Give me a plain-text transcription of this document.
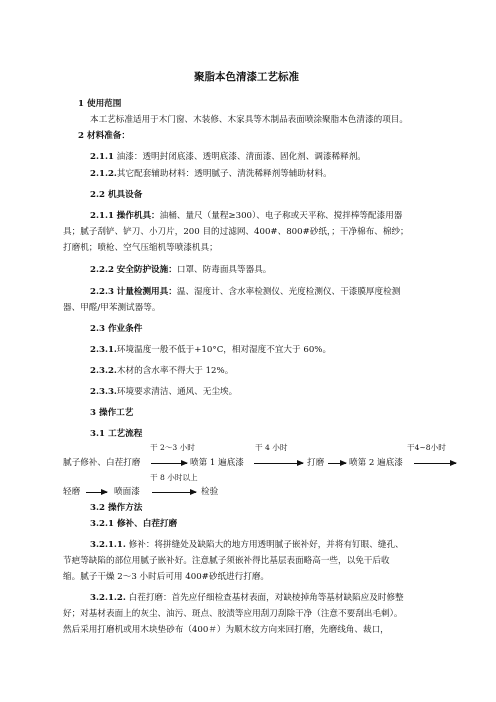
聚脂本色清漆工艺标准
1 使用范围
本工艺标准适用于木门窗、木装修、木家具等木制品表面喷涂聚脂本色清漆的项目。
2 材料准备：
2.1.1 油漆：透明封闭底漆、透明底漆、清面漆、固化剂、调漆稀释剂。
2.1.2.其它配套辅助材料：透明腻子、清洗稀释剂等辅助材料。
2.2 机具设备
2.1.1 操作机具：油桶、量尺（量程≥300）、电子称或天平称、搅拌棒等配漆用器
具；腻子刮铲、铲刀、小刀片，200 目的过滤网、400#、800#砂纸，；干净棉布、棉纱；
打磨机；喷枪、空气压缩机等喷漆机具；
2.2.2 安全防护设施：口罩、防毒面具等器具。
2.2.3 计量检测用具：温、湿度计、含水率检测仪、光度检测仪、干漆膜厚度检测
器、甲醛/甲苯测试器等。
2.3 作业条件
2.3.1.环境温度一般不低于+10°C，相对湿度不宜大于 60%。
2.3.2.木材的含水率不得大于 12%。
2.3.3.环境要求清洁、通风、无尘埃。
3 操作工艺
3.1 工艺流程
干 2～3 小时	干 4 小时	干4~8小时
腻子修补、白茬打磨	喷第 1 遍底漆	打磨	喷第 2 遍底漆
干 8 小时以上
轻磨	喷面漆	检验
3.2 操作方法
3.2.1 修补、白茬打磨
3.2.1.1. 修补：将拼缝处及缺陷大的地方用透明腻子嵌补好，并将有钉眼、缝孔、
节疤等缺陷的部位用腻子嵌补好。注意腻子须嵌补得比基层表面略高一些，以免干后收
缩。腻子干燥 2～3 小时后可用 400#砂纸进行打磨。
3.2.1.2. 白茬打磨：首先应仔细检查基材表面，对缺棱掉角等基材缺陷应及时修整
好；对基材表面上的灰尘、油污、斑点、胶渍等应用刮刀刮除干净（注意不要刮出毛刺）。
然后采用打磨机或用木块垫砂布（400＃）为顺木纹方向来回打磨，先磨线角、裁口，
